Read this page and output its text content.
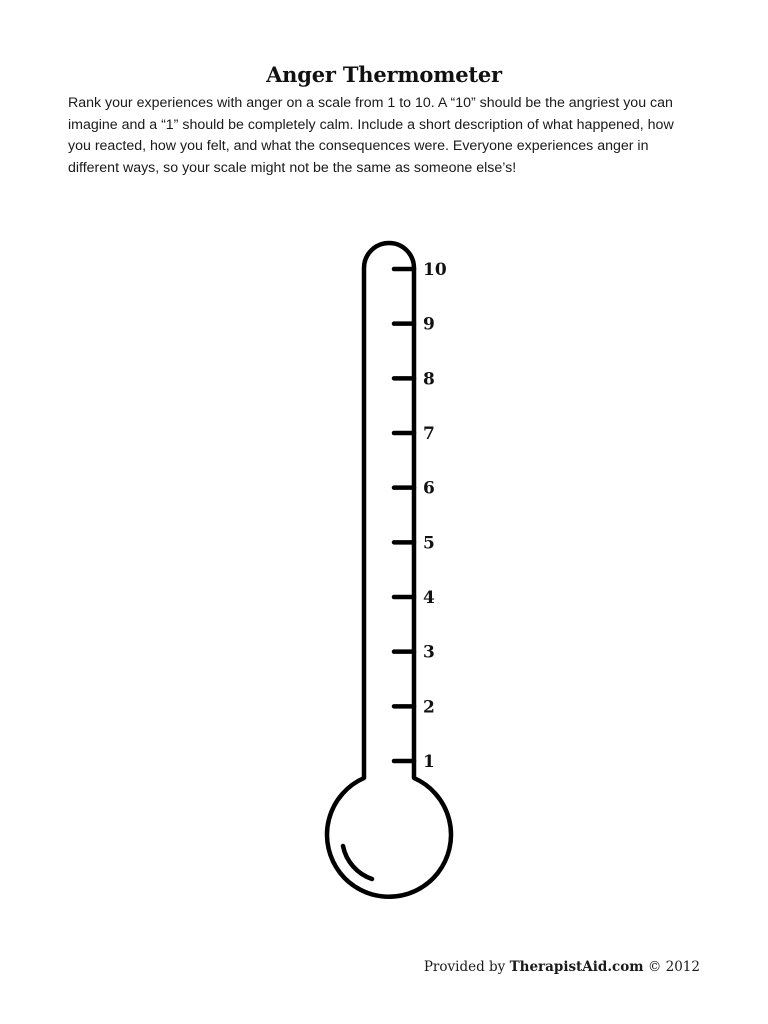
Anger Thermometer

Rank your experiences with anger on a scale from 1 to 10. A “10” should be the angriest you can imagine and a “1” should be completely calm. Include a short description of what happened, how you reacted, how you felt, and what the consequences were. Everyone experiences anger in different ways, so your scale might not be the same as someone else’s!

10
9
8
7
6
5
4
3
2
1
Provided by TherapistAid.com © 2012
